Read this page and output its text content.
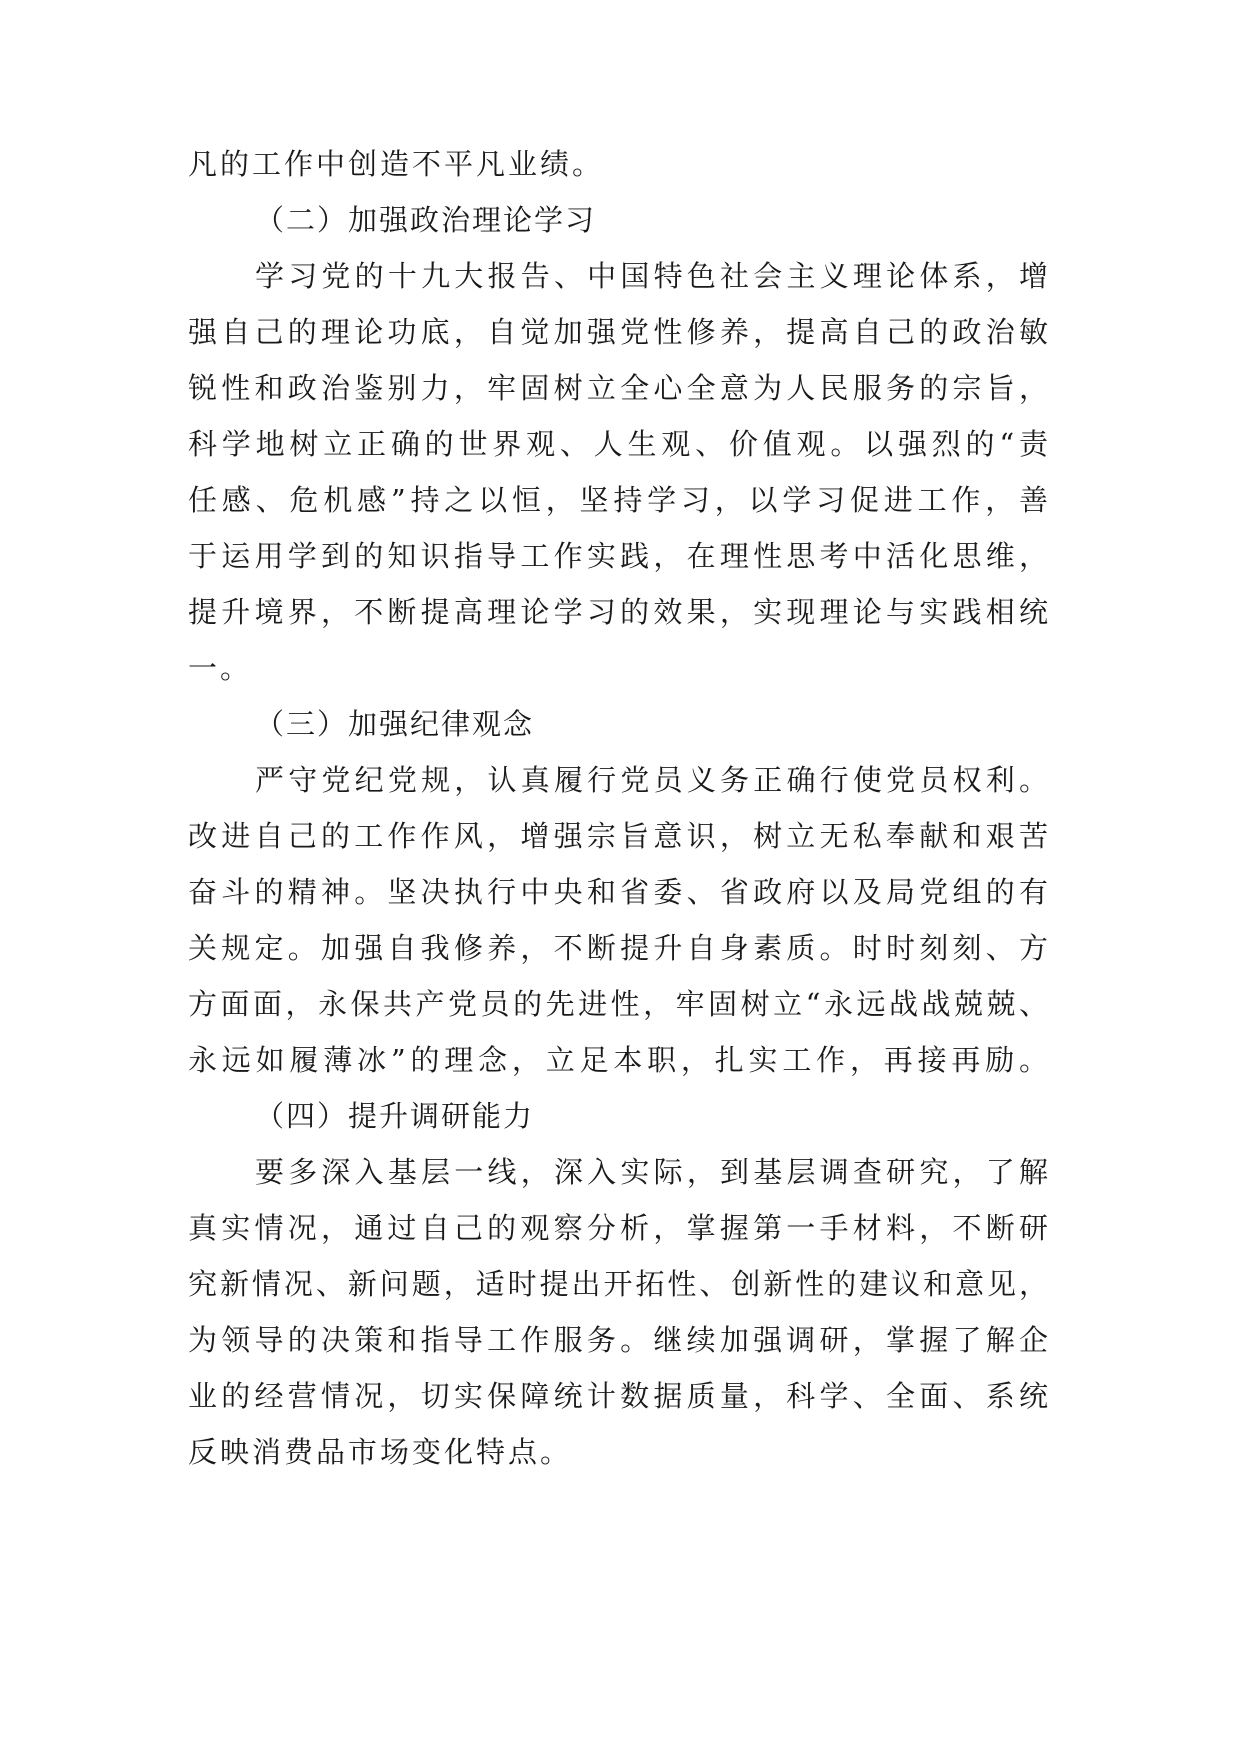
凡的工作中创造不平凡业绩。
（二）加强政治理论学习
学习党的十九大报告、中国特色社会主义理论体系，增
强自己的理论功底，自觉加强党性修养，提高自己的政治敏
锐性和政治鉴别力，牢固树立全心全意为人民服务的宗旨，
科学地树立正确的世界观、人生观、价值观。以强烈的“责
任感、危机感”持之以恒，坚持学习，以学习促进工作，善
于运用学到的知识指导工作实践，在理性思考中活化思维，
提升境界，不断提高理论学习的效果，实现理论与实践相统
一。
（三）加强纪律观念
严守党纪党规，认真履行党员义务正确行使党员权利。
改进自己的工作作风，增强宗旨意识，树立无私奉献和艰苦
奋斗的精神。坚决执行中央和省委、省政府以及局党组的有
关规定。加强自我修养，不断提升自身素质。时时刻刻、方
方面面，永保共产党员的先进性，牢固树立“永远战战兢兢、
永远如履薄冰”的理念，立足本职，扎实工作，再接再励。
（四）提升调研能力
要多深入基层一线，深入实际，到基层调查研究，了解
真实情况，通过自己的观察分析，掌握第一手材料，不断研
究新情况、新问题，适时提出开拓性、创新性的建议和意见，
为领导的决策和指导工作服务。继续加强调研，掌握了解企
业的经营情况，切实保障统计数据质量，科学、全面、系统
反映消费品市场变化特点。
